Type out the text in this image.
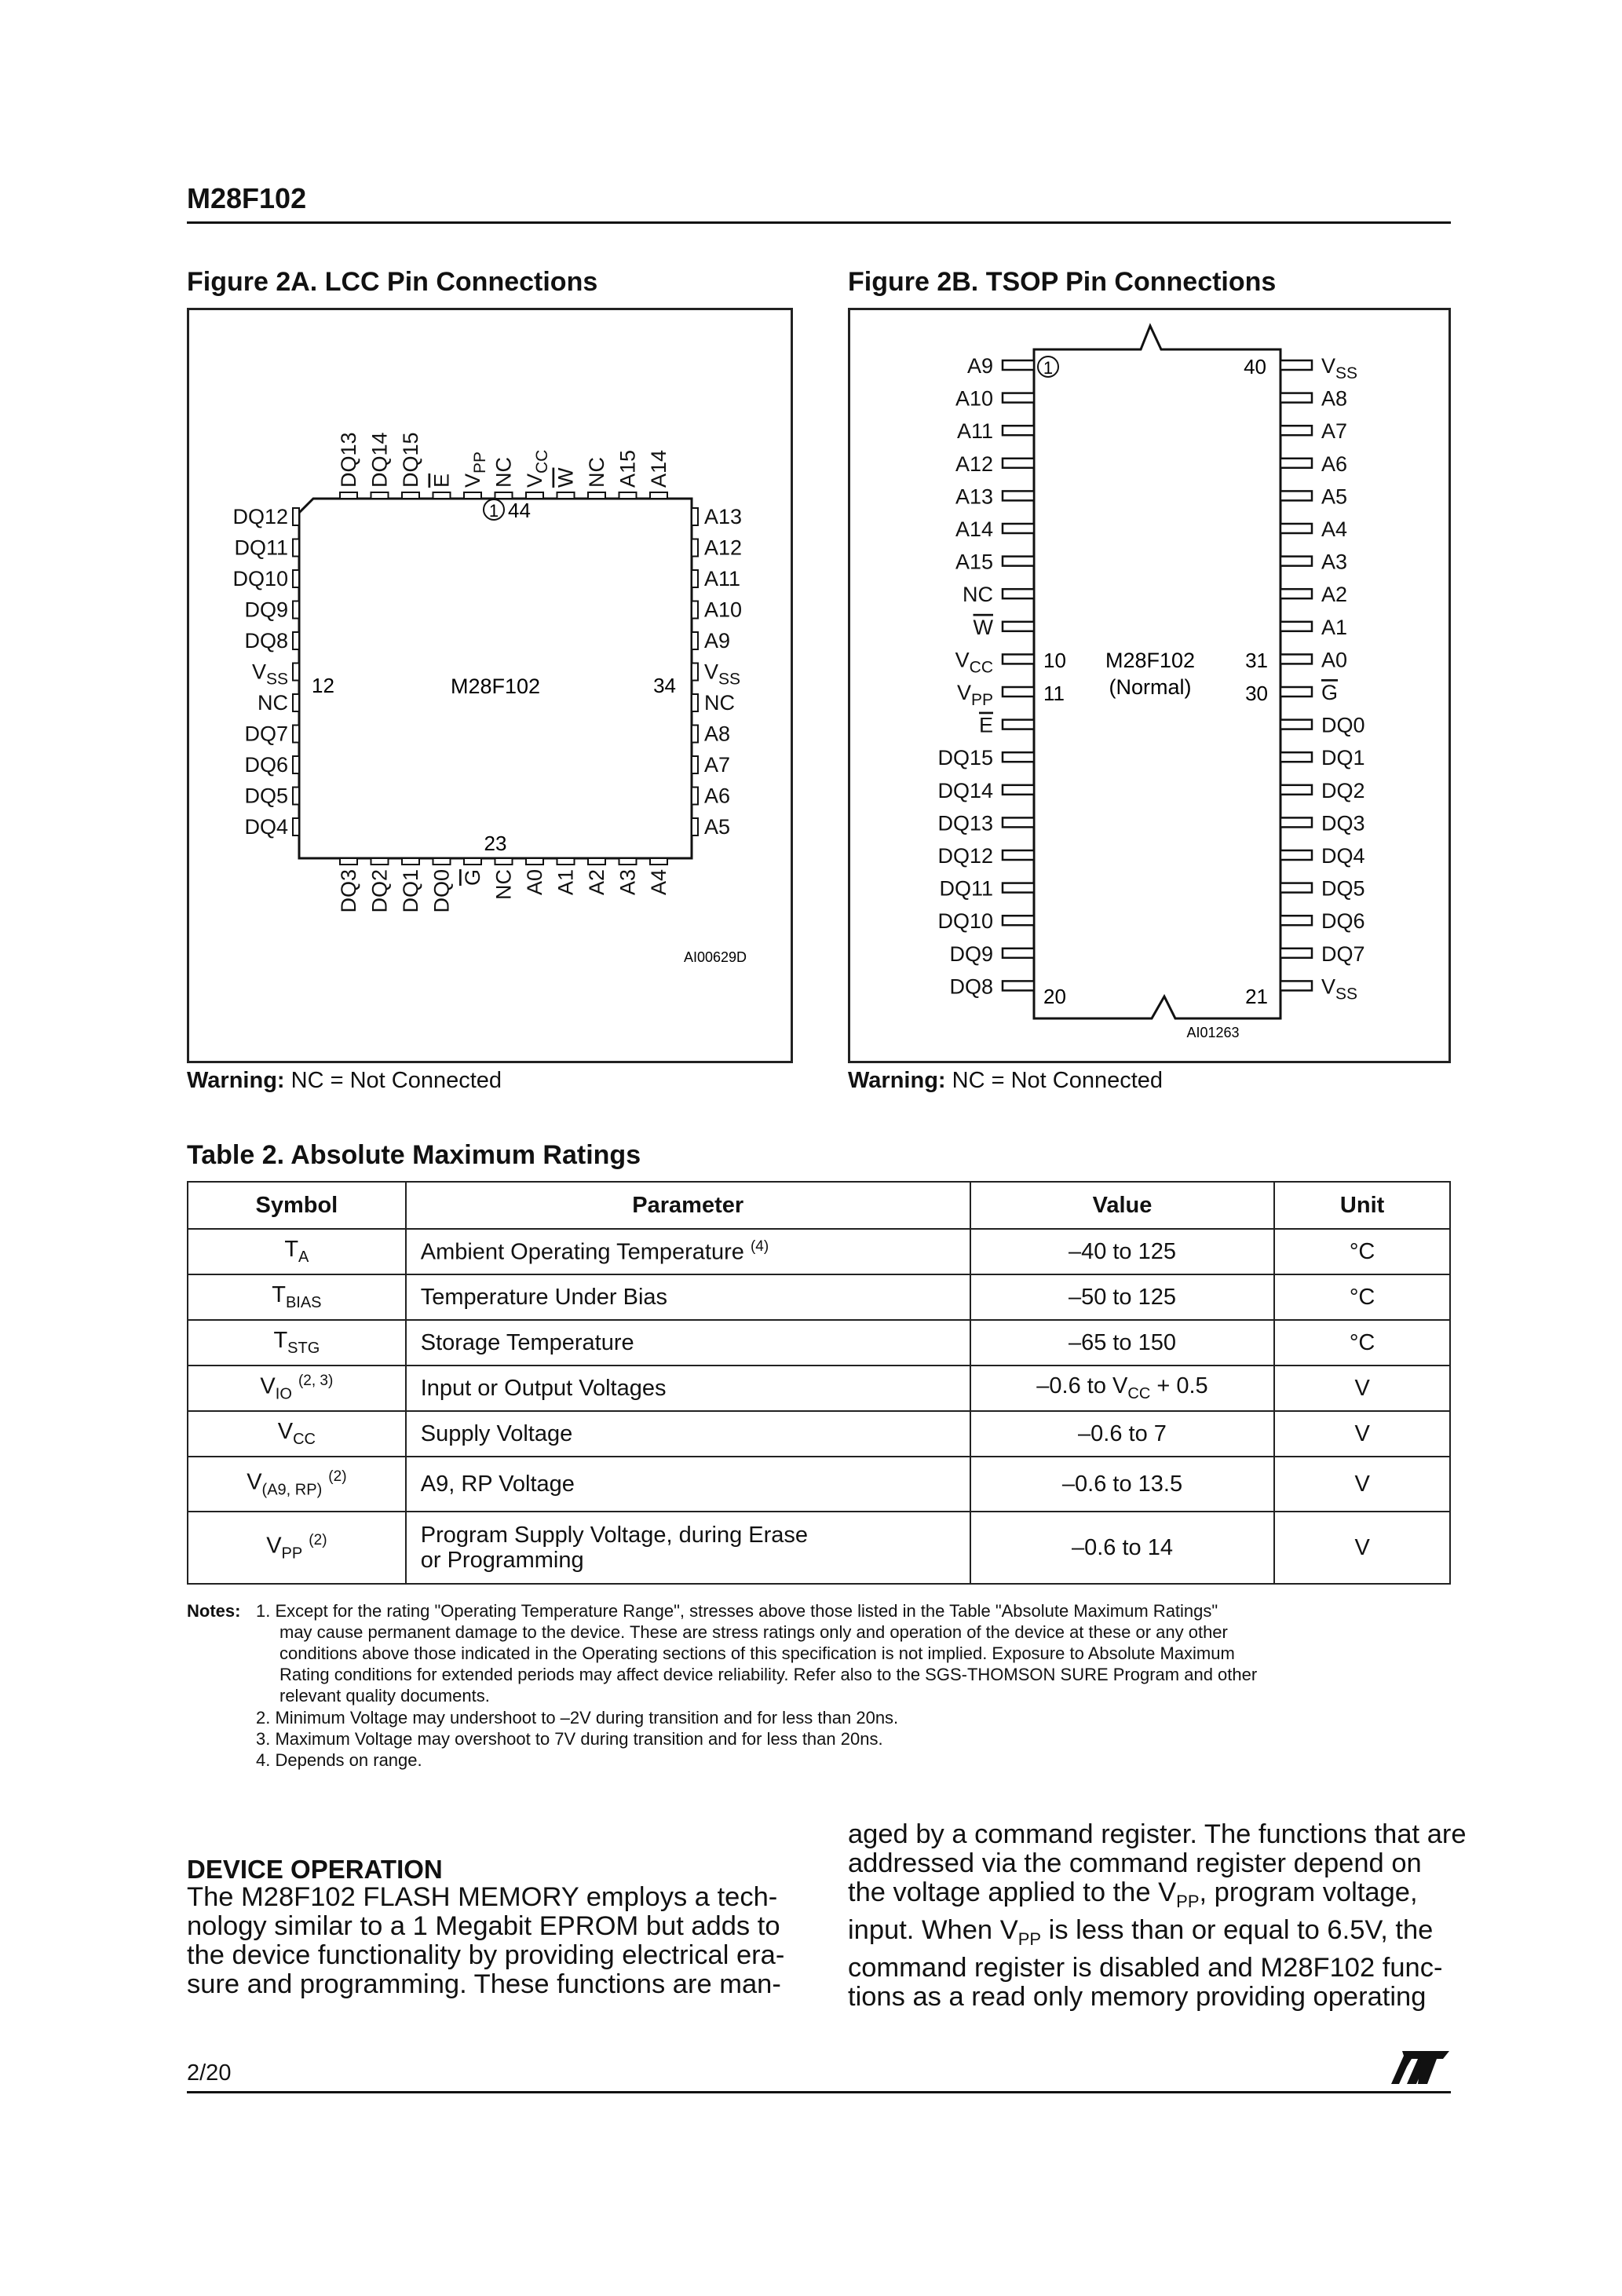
M28F102
Figure 2A. LCC Pin Connections
DQ12	A13
DQ11	A12
DQ10	A11
DQ9	A10
DQ8	A9
$V_{SS}$	$V_{SS}$
NC	NC
DQ7	A8
DQ6	A7
DQ5	A6
DQ4	A5
DQ13
DQ3
DQ14
DQ2
DQ15
DQ1
E
DQ0
$V_{PP}$
G
NC
NC
$V_{CC}$
A0
W
A1
NC
A2
A15
A3
A14
A4
1 44
12	34
M28F102
23
AI00629D
Warning: NC = Not Connected
Figure 2B. TSOP Pin Connections
A9	$V_{SS}$
A10	A8
A11	A7
A12	A6
A13	A5
A14	A4
A15	A3
NC	A2
W	A1
$V_{CC}$	A0
$V_{PP}$	G
E	DQ0
DQ15	DQ1
DQ14	DQ2
DQ13	DQ3
DQ12	DQ4
DQ11	DQ5
DQ10	DQ6
DQ9	DQ7
DQ8	$V_{SS}$
1	40
10
11
31
30
M28F102
(Normal)
20	21
AI01263
Warning: NC = Not Connected
Table 2. Absolute Maximum Ratings
Symbol	Parameter	Value	Unit
$T_A$	Ambient Operating Temperature $^{(4)}$	–40 to 125	°C
$T_{BIAS}$	Temperature Under Bias	–50 to 125	°C
$T_{STG}$	Storage Temperature	–65 to 150	°C
$V_{IO}$ $^{(2, 3)}$	Input or Output Voltages	–0.6 to $V_{CC} + 0.5$	V
$V_{CC}$	Supply Voltage	–0.6 to 7	V
$V_{(A9, RP)}$ $^{(2)}$	A9, RP Voltage	–0.6 to 13.5	V
$V_{PP}$ $^{(2)}$	Program Supply Voltage, during Erase
or Programming	–0.6 to 14	V
Notes: 1. Except for the rating "Operating Temperature Range", stresses above those listed in the Table "Absolute Maximum Ratings"
may cause permanent damage to the device. These are stress ratings only and operation of the device at these or any other
conditions above those indicated in the Operating sections of this specification is not implied. Exposure to Absolute Maximum
Rating conditions for extended periods may affect device reliability. Refer also to the SGS-THOMSON SURE Program and other
relevant quality documents.
2. Minimum Voltage may undershoot to –2V during transition and for less than 20ns.
3. Maximum Voltage may overshoot to 7V during transition and for less than 20ns.
4. Depends on range.
DEVICE OPERATION
The M28F102 FLASH MEMORY employs a tech-
nology similar to a 1 Megabit EPROM but adds to
the device functionality by providing electrical era-
sure and programming. These functions are man-
aged by a command register. The functions that are
addressed via the command register depend on
the voltage applied to the $V_{PP}$, program voltage,
input. When $V_{PP}$ is less than or equal to 6.5V, the
command register is disabled and M28F102 func-
tions as a read only memory providing operating
2/20
